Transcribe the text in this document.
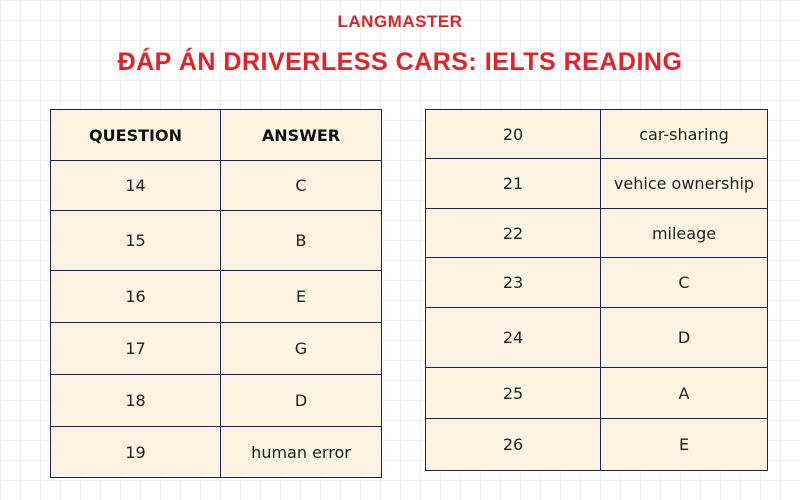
LANGMASTER
ĐÁP ÁN DRIVERLESS CARS: IELTS READING
QUESTION	ANSWER
14	C
15	B
16	E
17	G
18	D
19	human error
20	car-sharing
21	vehice ownership
22	mileage
23	C
24	D
25	A
26	E
